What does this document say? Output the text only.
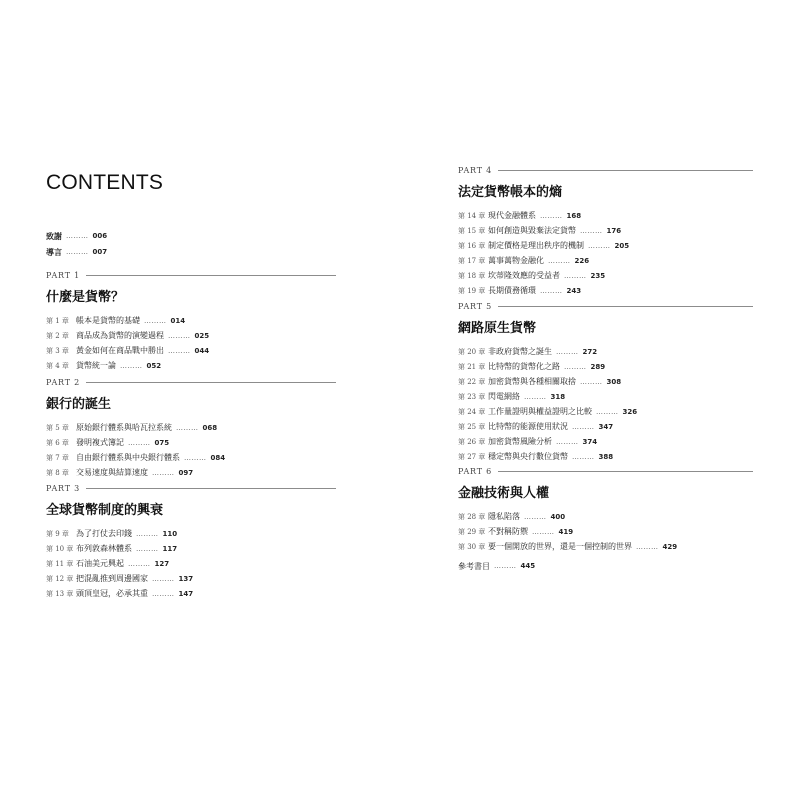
CONTENTS
致謝 ……… 006
導言 ……… 007
PART 1
什麼是貨幣？
第 1 章 帳本是貨幣的基礎 ……… 014
第 2 章 商品成為貨幣的演變過程 ……… 025
第 3 章 黃金如何在商品戰中勝出 ……… 044
第 4 章 貨幣統一論 ……… 052
PART 2
銀行的誕生
第 5 章 原始銀行體系與哈瓦拉系統 ……… 068
第 6 章 發明複式簿記 ……… 075
第 7 章 自由銀行體系與中央銀行體系 ……… 084
第 8 章 交易速度與結算速度 ……… 097
PART 3
全球貨幣制度的興衰
第 9 章 為了打仗去印錢 ……… 110
第 10 章 布列敦森林體系 ……… 117
第 11 章 石油美元興起 ……… 127
第 12 章 把混亂推到周邊國家 ……… 137
第 13 章 頭頂皇冠，必承其重 ……… 147
PART 4
法定貨幣帳本的熵
第 14 章 現代金融體系 ……… 168
第 15 章 如何創造與毀棄法定貨幣 ……… 176
第 16 章 制定價格是理出秩序的機制 ……… 205
第 17 章 萬事萬物金融化 ……… 226
第 18 章 坎蒂隆效應的受益者 ……… 235
第 19 章 長期債務循環 ……… 243
PART 5
網路原生貨幣
第 20 章 非政府貨幣之誕生 ……… 272
第 21 章 比特幣的貨幣化之路 ……… 289
第 22 章 加密貨幣與各種相關取捨 ……… 308
第 23 章 閃電網絡 ……… 318
第 24 章 工作量證明與權益證明之比較 ……… 326
第 25 章 比特幣的能源使用狀況 ……… 347
第 26 章 加密貨幣風險分析 ……… 374
第 27 章 穩定幣與央行數位貨幣 ……… 388
PART 6
金融技術與人權
第 28 章 隱私陷落 ……… 400
第 29 章 不對稱防禦 ……… 419
第 30 章 要一個開放的世界，還是一個控制的世界 ……… 429
參考書目 ……… 445
